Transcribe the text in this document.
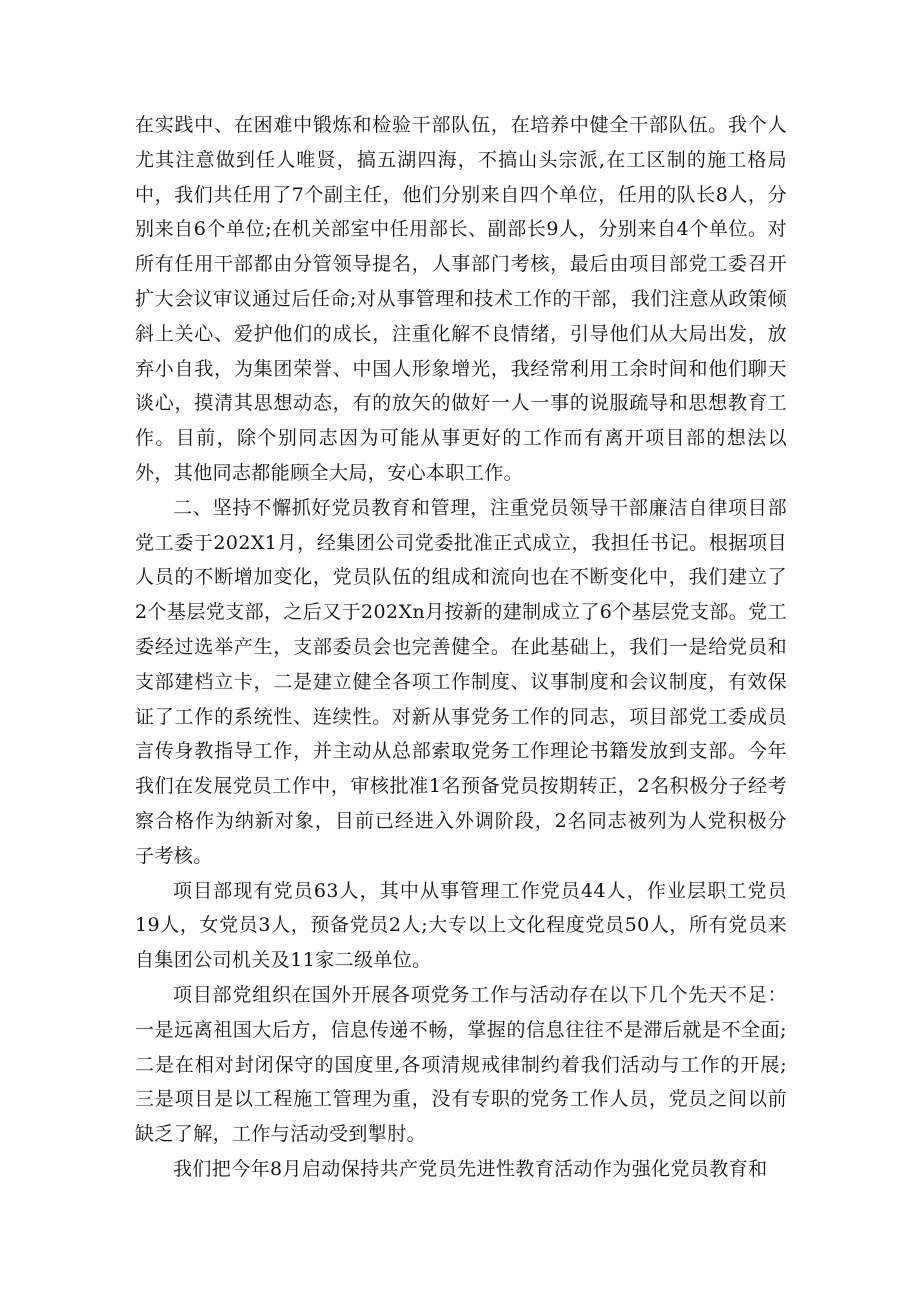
在实践中、在困难中锻炼和检验干部队伍，在培养中健全干部队伍。我个人尤其注意做到任人唯贤，搞五湖四海，不搞山头宗派,在工区制的施工格局中，我们共任用了7个副主任，他们分别来自四个单位，任用的队长8人，分别来自6个单位;在机关部室中任用部长、副部长9人，分别来自4个单位。对所有任用干部都由分管领导提名，人事部门考核，最后由项目部党工委召开扩大会议审议通过后任命;对从事管理和技术工作的干部，我们注意从政策倾斜上关心、爱护他们的成长，注重化解不良情绪，引导他们从大局出发，放弃小自我，为集团荣誉、中国人形象增光，我经常利用工余时间和他们聊天谈心，摸清其思想动态，有的放矢的做好一人一事的说服疏导和思想教育工作。目前，除个别同志因为可能从事更好的工作而有离开项目部的想法以外，其他同志都能顾全大局，安心本职工作。

二、坚持不懈抓好党员教育和管理，注重党员领导干部廉洁自律项目部党工委于202X1月，经集团公司党委批准正式成立，我担任书记。根据项目人员的不断增加变化，党员队伍的组成和流向也在不断变化中，我们建立了2个基层党支部，之后又于202Xn月按新的建制成立了6个基层党支部。党工委经过选举产生，支部委员会也完善健全。在此基础上，我们一是给党员和支部建档立卡，二是建立健全各项工作制度、议事制度和会议制度，有效保证了工作的系统性、连续性。对新从事党务工作的同志，项目部党工委成员言传身教指导工作，并主动从总部索取党务工作理论书籍发放到支部。今年我们在发展党员工作中，审核批准1名预备党员按期转正，2名积极分子经考察合格作为纳新对象，目前已经进入外调阶段，2名同志被列为人党积极分子考核。

项目部现有党员63人，其中从事管理工作党员44人，作业层职工党员19人，女党员3人，预备党员2人;大专以上文化程度党员50人，所有党员来自集团公司机关及11家二级单位。

项目部党组织在国外开展各项党务工作与活动存在以下几个先天不足：一是远离祖国大后方，信息传递不畅，掌握的信息往往不是滞后就是不全面;二是在相对封闭保守的国度里,各项清规戒律制约着我们活动与工作的开展;三是项目是以工程施工管理为重，没有专职的党务工作人员，党员之间以前缺乏了解，工作与活动受到掣肘。

我们把今年8月启动保持共产党员先进性教育活动作为强化党员教育和
